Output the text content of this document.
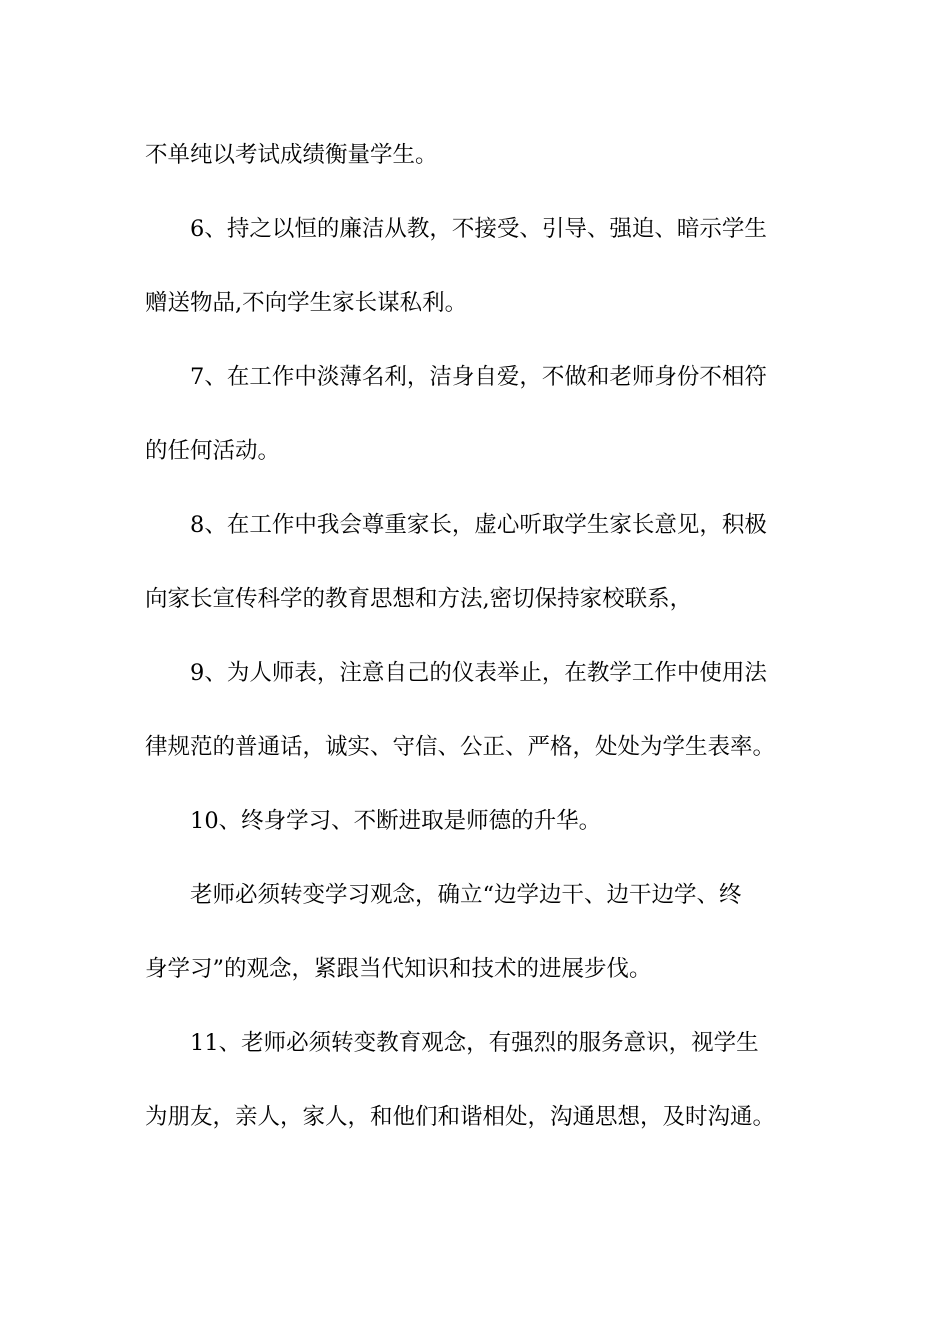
不单纯以考试成绩衡量学生。

6、持之以恒的廉洁从教，不接受、引导、强迫、暗示学生

赠送物品,不向学生家长谋私利。

7、在工作中淡薄名利，洁身自爱，不做和老师身份不相符

的任何活动。

8、在工作中我会尊重家长，虚心听取学生家长意见，积极

向家长宣传科学的教育思想和方法,密切保持家校联系，

9、为人师表，注意自己的仪表举止，在教学工作中使用法

律规范的普通话，诚实、守信、公正、严格，处处为学生表率。

10、终身学习、不断进取是师德的升华。

老师必须转变学习观念，确立“边学边干、边干边学、终

身学习”的观念，紧跟当代知识和技术的进展步伐。

11、老师必须转变教育观念，有强烈的服务意识，视学生

为朋友，亲人，家人，和他们和谐相处，沟通思想，及时沟通。
